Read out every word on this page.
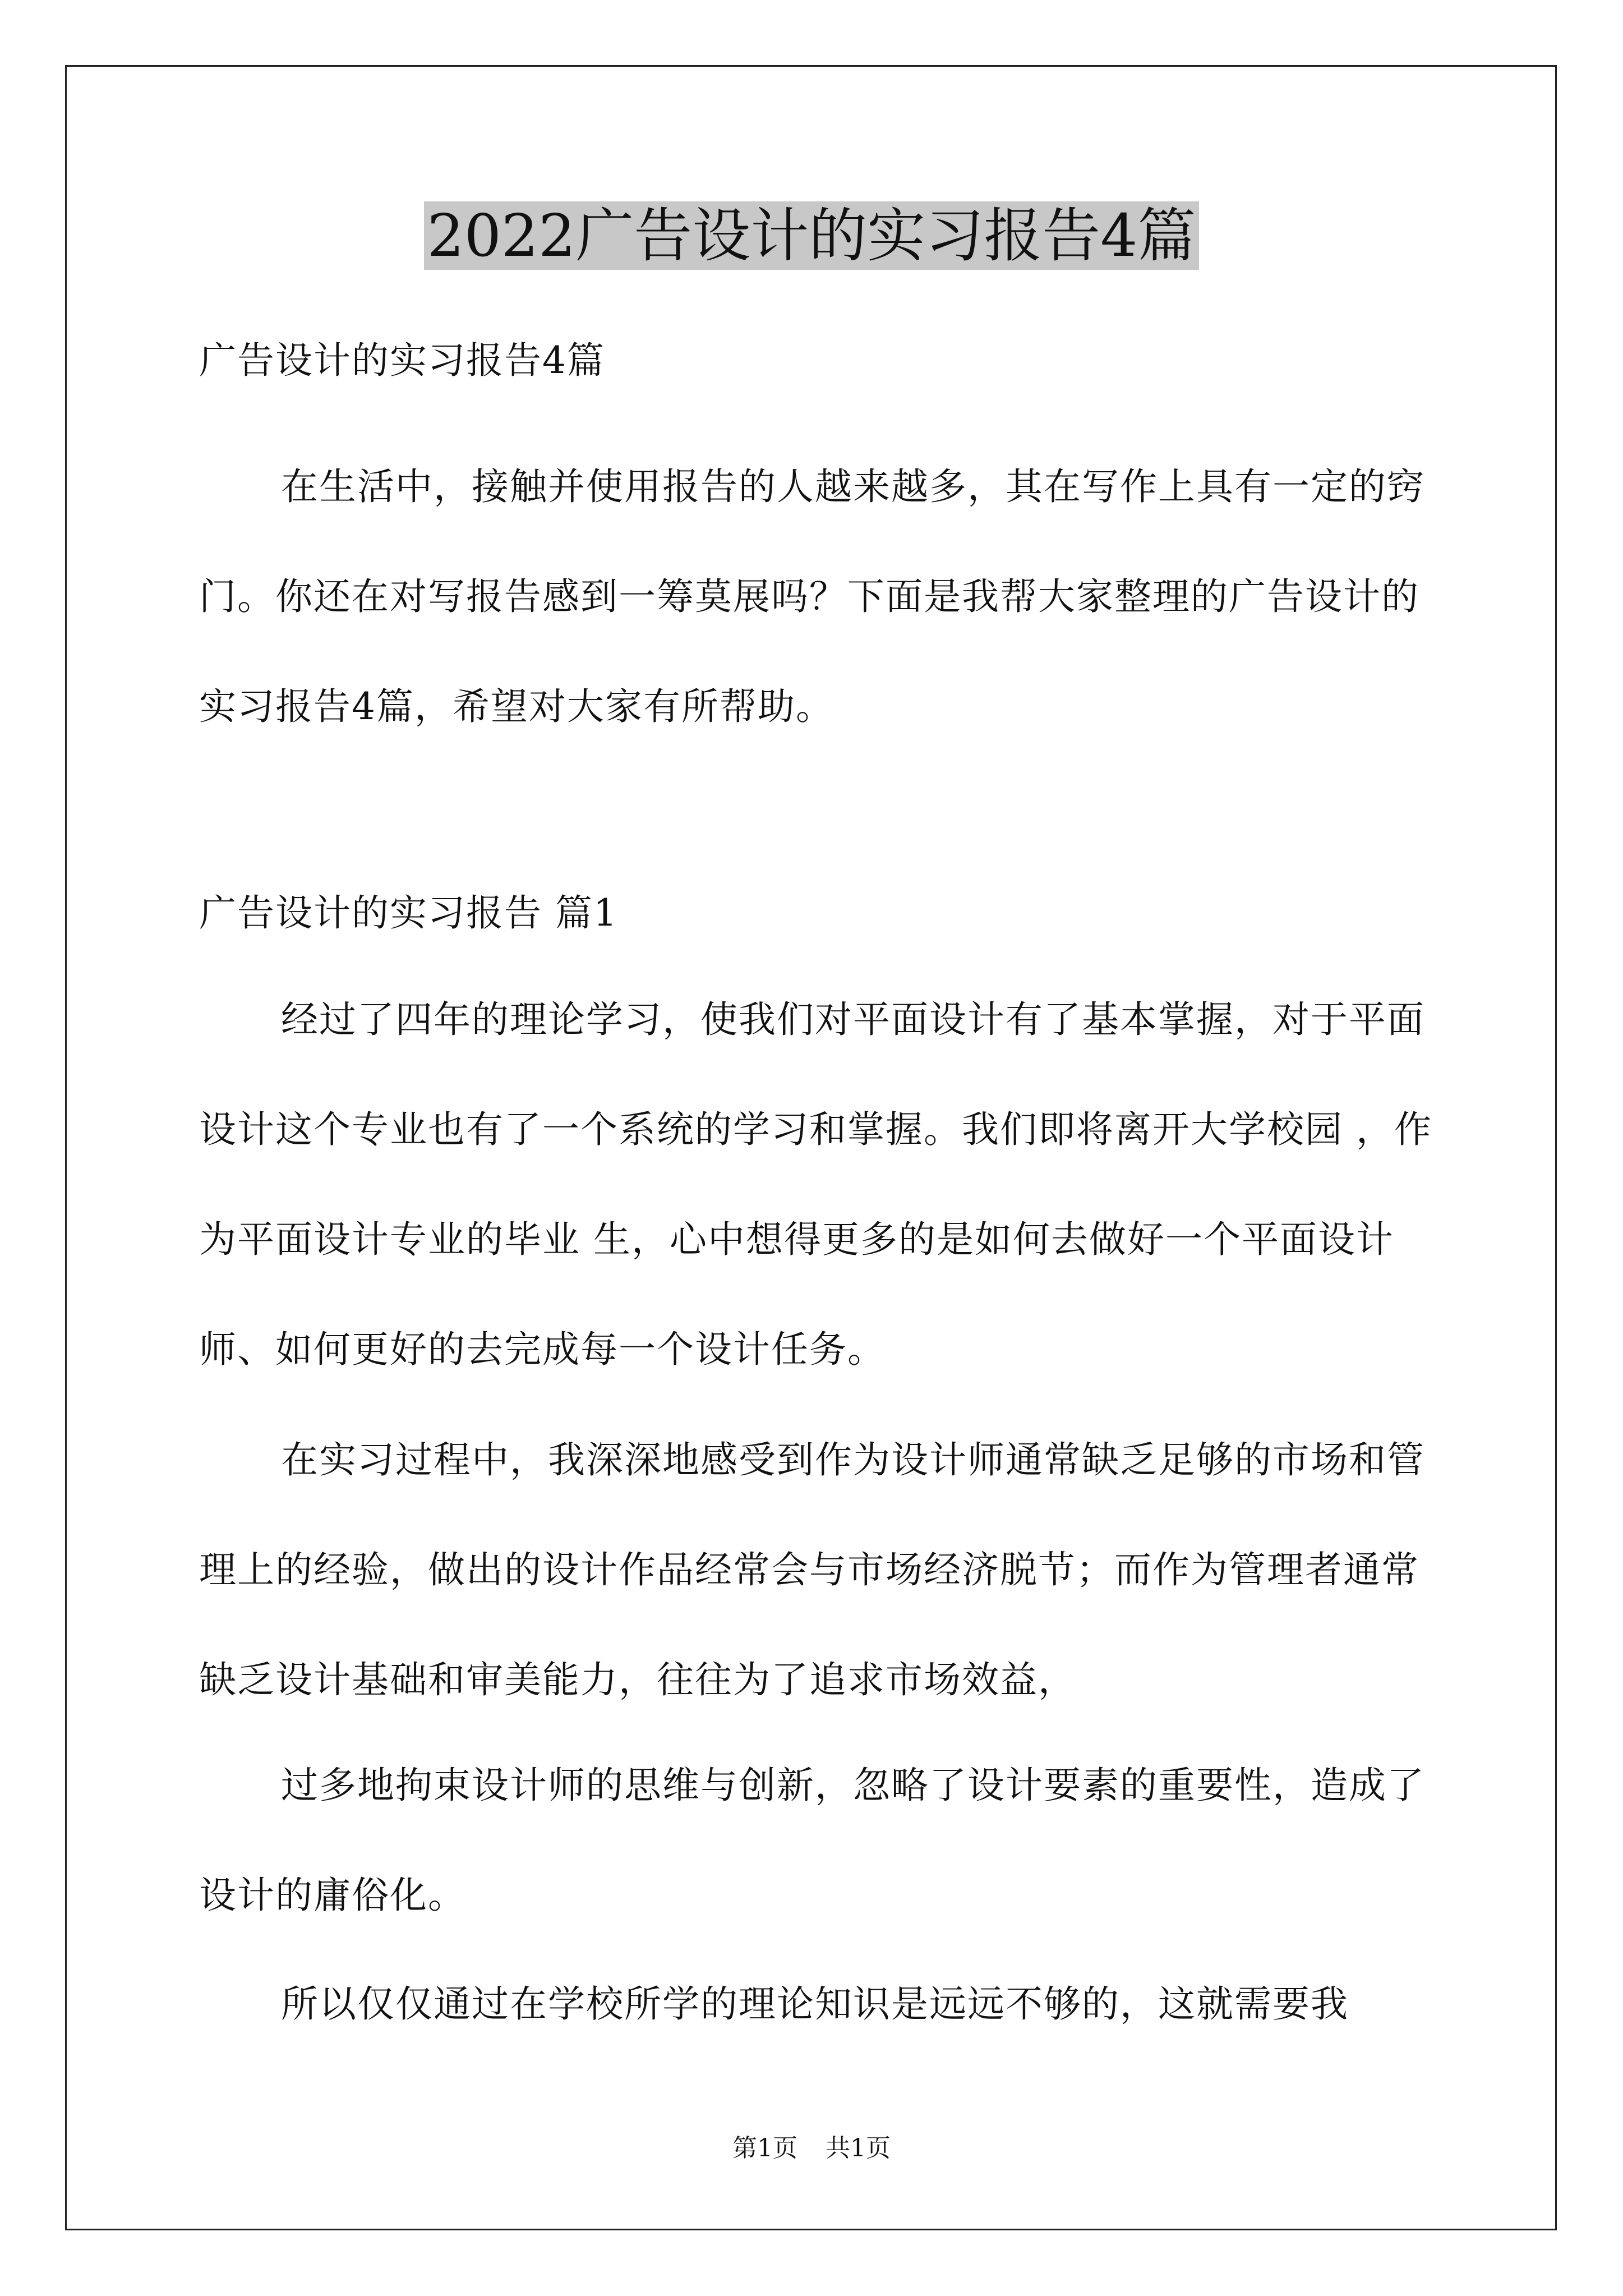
2022广告设计的实习报告4篇

广告设计的实习报告4篇

在生活中，接触并使用报告的人越来越多，其在写作上具有一定的窍门。你还在对写报告感到一筹莫展吗？下面是我帮大家整理的广告设计的实习报告4篇，希望对大家有所帮助。

广告设计的实习报告 篇1

经过了四年的理论学习，使我们对平面设计有了基本掌握，对于平面设计这个专业也有了一个系统的学习和掌握。我们即将离开大学校园 ，作为平面设计专业的毕业 生，心中想得更多的是如何去做好一个平面设计师、如何更好的去完成每一个设计任务。

在实习过程中，我深深地感受到作为设计师通常缺乏足够的市场和管理上的经验，做出的设计作品经常会与市场经济脱节；而作为管理者通常缺乏设计基础和审美能力，往往为了追求市场效益，

过多地拘束设计师的思维与创新，忽略了设计要素的重要性，造成了设计的庸俗化。

所以仅仅通过在学校所学的理论知识是远远不够的，这就需要我

第1页 共1页
